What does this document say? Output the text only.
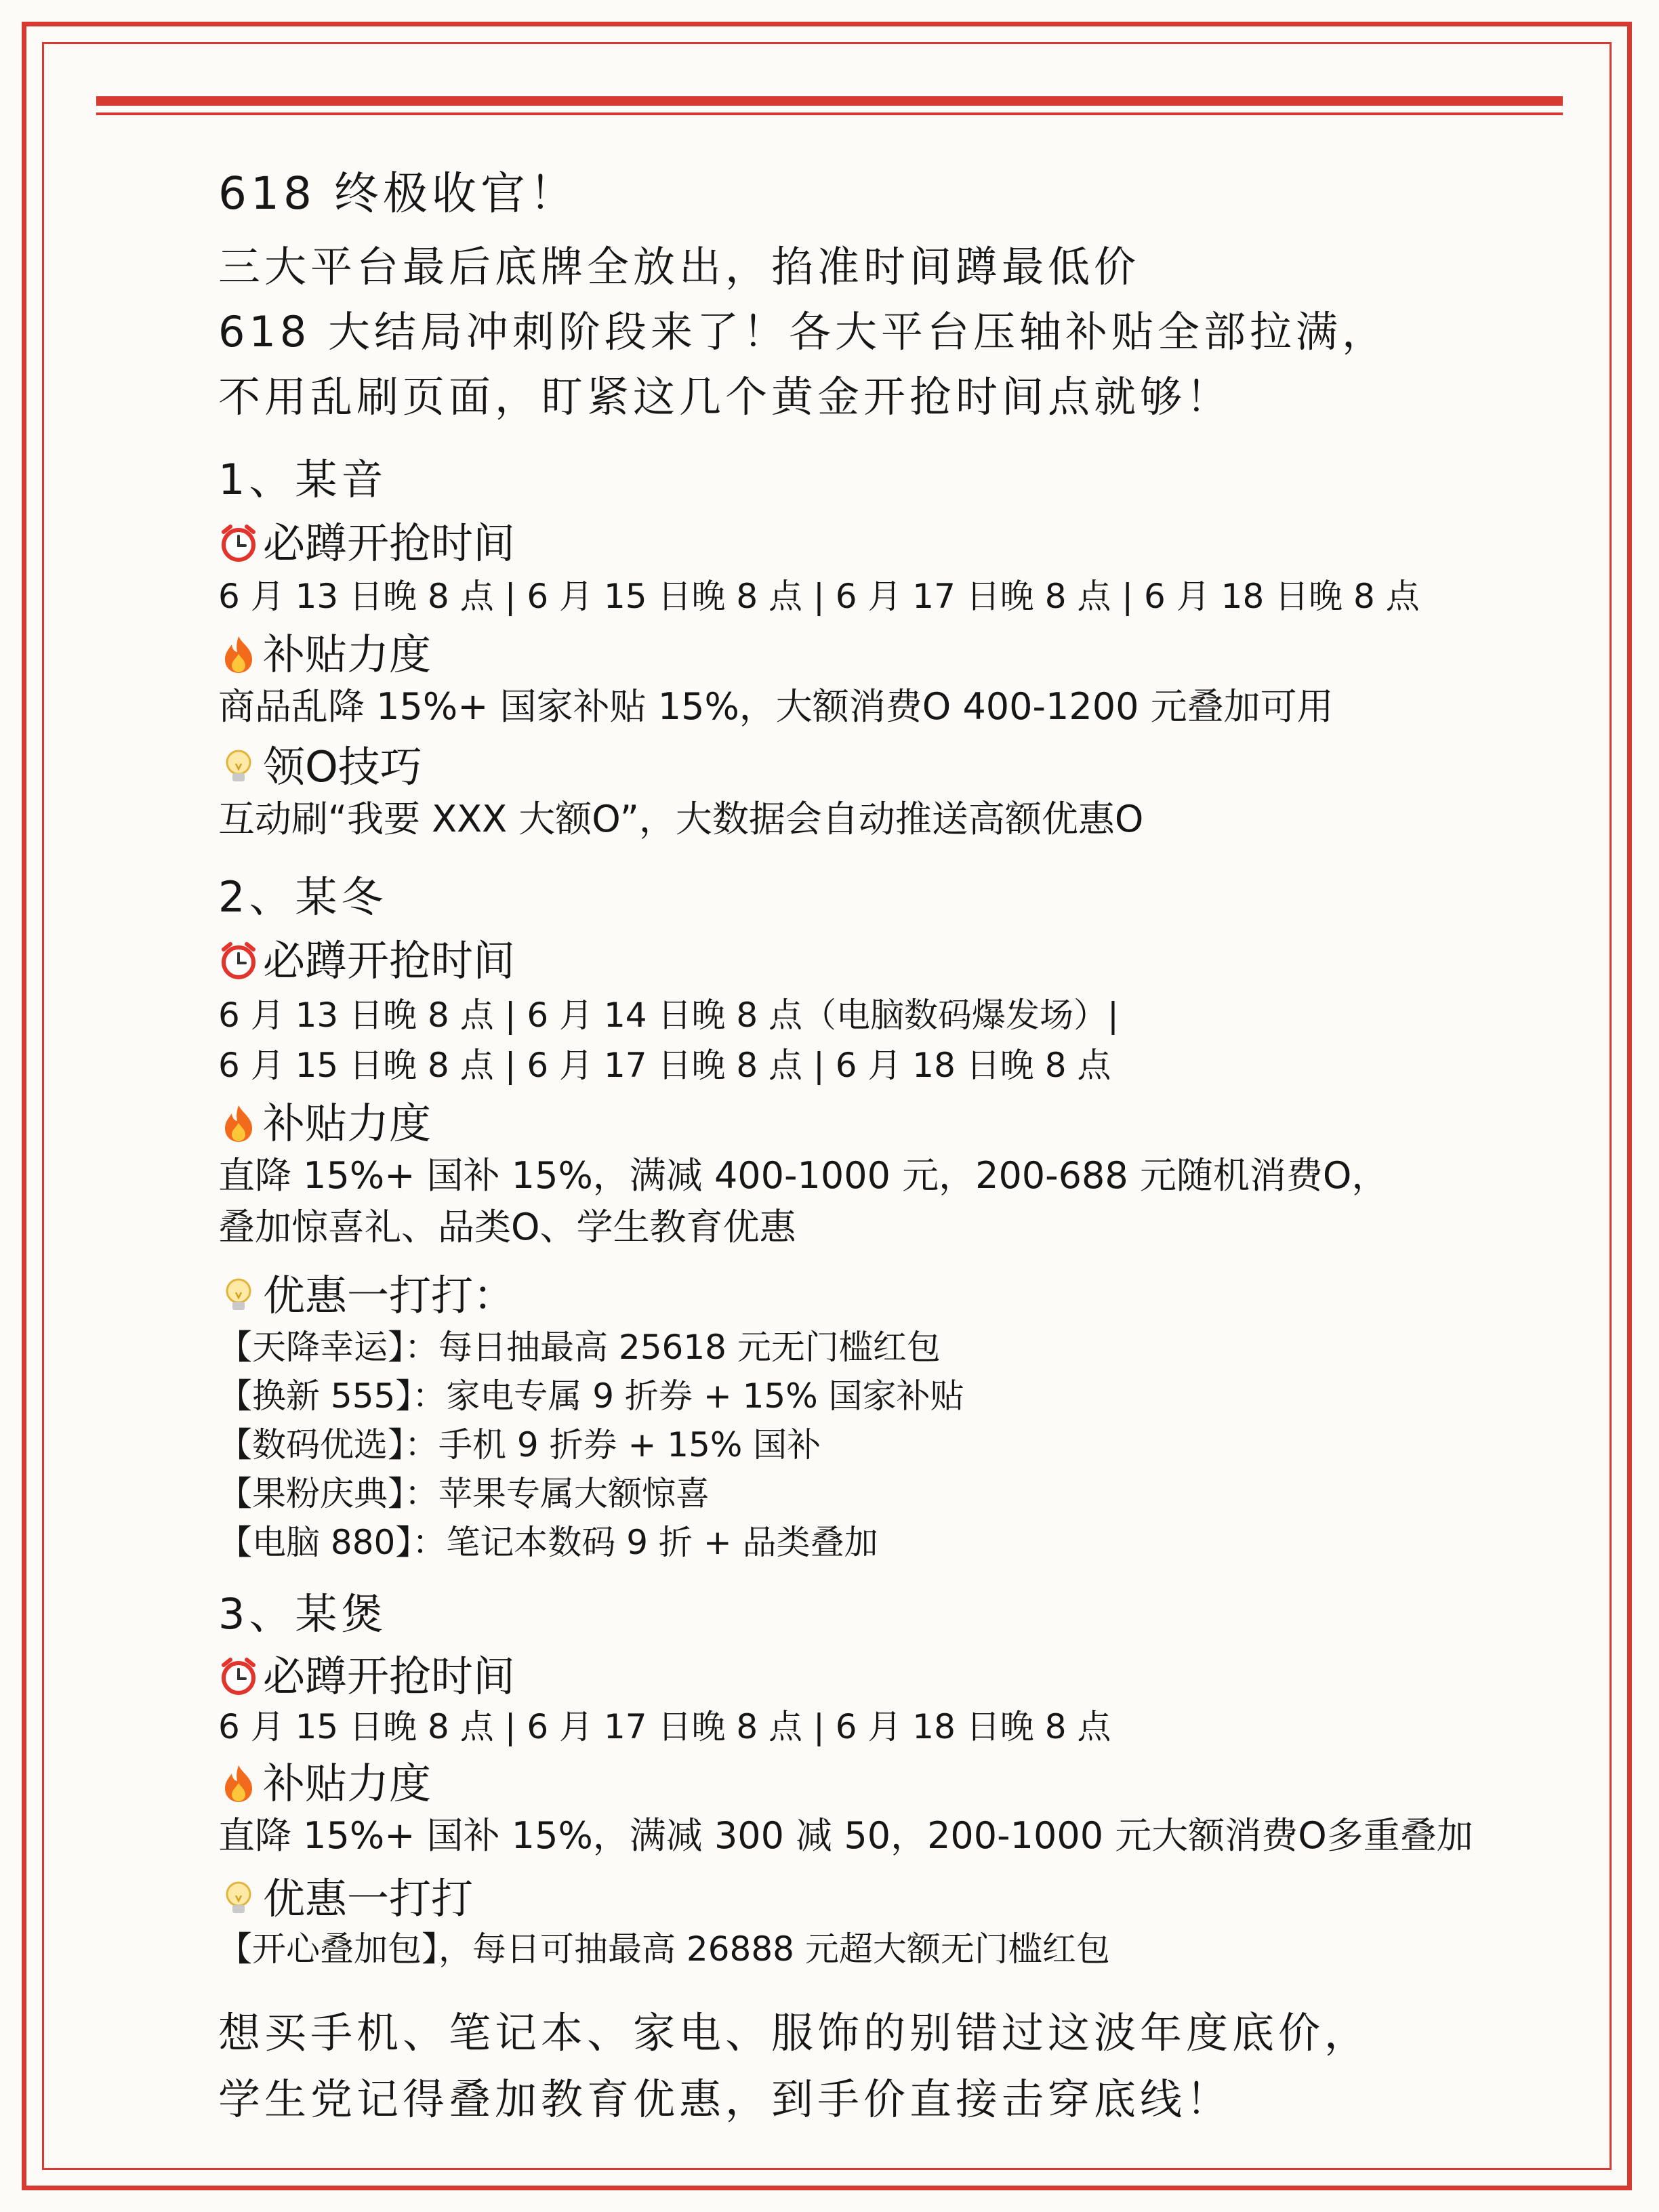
618 终极收官！
三大平台最后底牌全放出，掐准时间蹲最低价
618 大结局冲刺阶段来了！各大平台压轴补贴全部拉满，
不用乱刷页面，盯紧这几个黄金开抢时间点就够！
1、某音
必蹲开抢时间
6 月 13 日晚 8 点 | 6 月 15 日晚 8 点 | 6 月 17 日晚 8 点 | 6 月 18 日晚 8 点
补贴力度
商品乱降 15%+ 国家补贴 15%，大额消费O 400-1200 元叠加可用
领O技巧
互动刷“我要 XXX 大额O”，大数据会自动推送高额优惠O
2、某冬
必蹲开抢时间
6 月 13 日晚 8 点 | 6 月 14 日晚 8 点（电脑数码爆发场）|
6 月 15 日晚 8 点 | 6 月 17 日晚 8 点 | 6 月 18 日晚 8 点
补贴力度
直降 15%+ 国补 15%，满减 400-1000 元，200-688 元随机消费O，
叠加惊喜礼、品类O、学生教育优惠
优惠一打打：
【天降幸运】：每日抽最高 25618 元无门槛红包
【换新 555】：家电专属 9 折券 + 15% 国家补贴
【数码优选】：手机 9 折券 + 15% 国补
【果粉庆典】：苹果专属大额惊喜
【电脑 880】：笔记本数码 9 折 + 品类叠加
3、某煲
必蹲开抢时间
6 月 15 日晚 8 点 | 6 月 17 日晚 8 点 | 6 月 18 日晚 8 点
补贴力度
直降 15%+ 国补 15%，满减 300 减 50，200-1000 元大额消费O多重叠加
优惠一打打
【开心叠加包】，每日可抽最高 26888 元超大额无门槛红包
想买手机、笔记本、家电、服饰的别错过这波年度底价，
学生党记得叠加教育优惠，到手价直接击穿底线！
